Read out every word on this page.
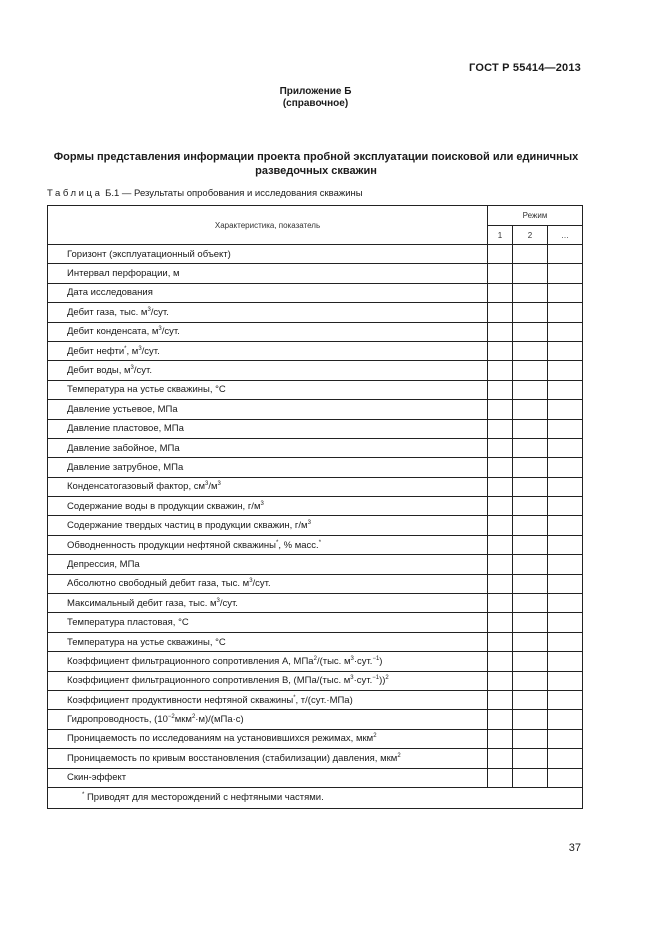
ГОСТ Р 55414—2013
Приложение Б
(справочное)
Формы представления информации проекта пробной эксплуатации поисковой или единичных разведочных скважин
Таблица Б.1 — Результаты опробования и исследования скважины
Характеристика, показатель	Режим		
	1	2	…
Горизонт (эксплуатационный объект)			
Интервал перфорации, м			
Дата исследования			
Дебит газа, тыс. $м^3$/сут.			
Дебит конденсата, $м^3$/сут.			
Дебит нефти*, $м^3$/сут.			
Дебит воды, $м^3$/сут.			
Температура на устье скважины, °С			
Давление устьевое, МПа			
Давление пластовое, МПа			
Давление забойное, МПа			
Давление затрубное, МПа			
Конденсатогазовый фактор, $см^3/м^3$			
Содержание воды в продукции скважин, $г/м^3$			
Содержание твердых частиц в продукции скважин, $г/м^3$			
Обводненность продукции нефтяной скважины*, % масс.*			
Депрессия, МПа			
Абсолютно свободный дебит газа, тыс. $м^3$/сут.			
Максимальный дебит газа, тыс. $м^3$/сут.			
Температура пластовая, °С			
Температура на устье скважины, °С			
Коэффициент фильтрационного сопротивления А, МПа$^2$/(тыс. $м^3\cdot сут.^{-1}$)			
Коэффициент фильтрационного сопротивления В, (МПа/(тыс. $м^3\cdot сут.^{-1}))^2$			
Коэффициент продуктивности нефтяной скважины*, т/(сут.·МПа)			
Гидропроводность, $(10^{-2}мкм^2\cdot м)/(мПа\cdot с)$			
Проницаемость по исследованиям на установившихся режимах, мкм$^2$			
Проницаемость по кривым восстановления (стабилизации) давления, мкм$^2$			
Скин-эффект			
* Приводят для месторождений с нефтяными частями.			
37
